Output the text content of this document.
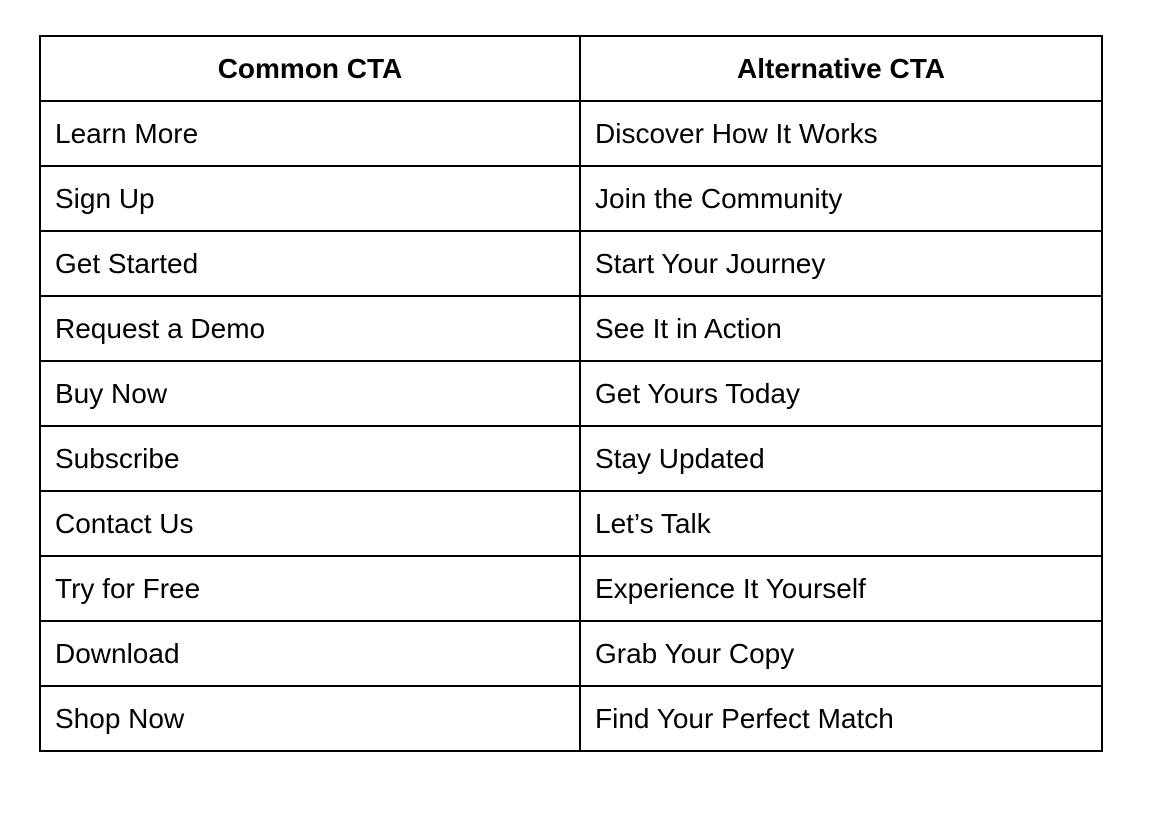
Common CTA	Alternative CTA
Learn More	Discover How It Works
Sign Up	Join the Community
Get Started	Start Your Journey
Request a Demo	See It in Action
Buy Now	Get Yours Today
Subscribe	Stay Updated
Contact Us	Let’s Talk
Try for Free	Experience It Yourself
Download	Grab Your Copy
Shop Now	Find Your Perfect Match
